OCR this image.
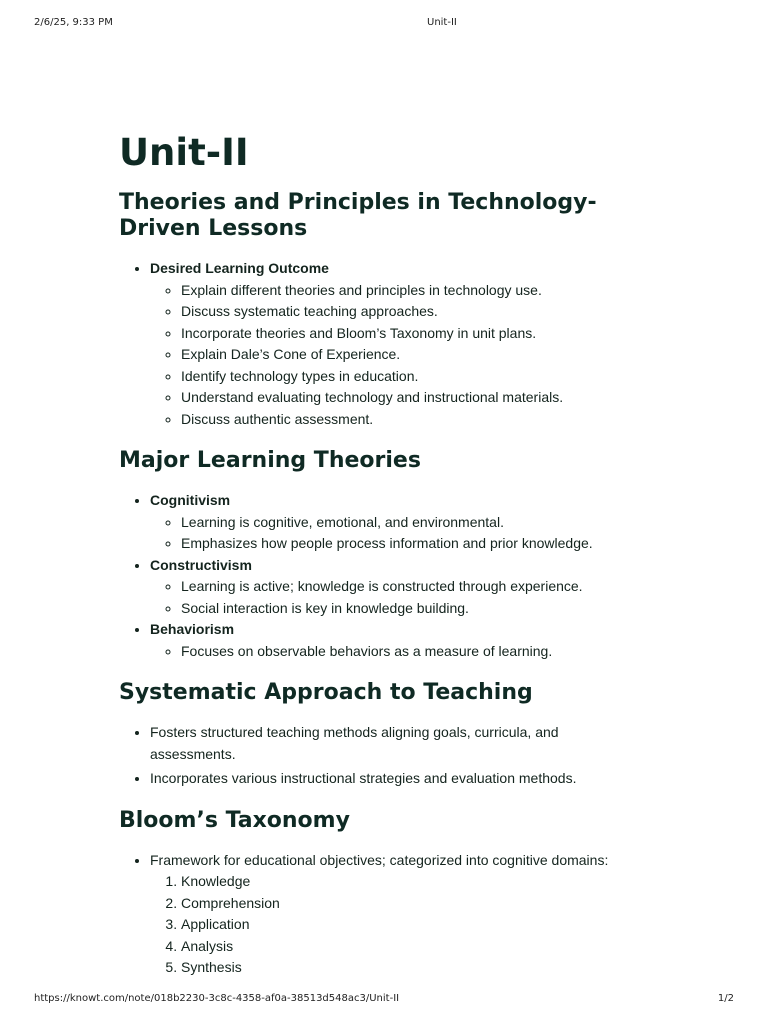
2/6/25, 9:33 PM	Unit-II
Unit-II
Theories and Principles in Technology-Driven Lessons
• Desired Learning Outcome
◦ Explain different theories and principles in technology use.
◦ Discuss systematic teaching approaches.
◦ Incorporate theories and Bloom’s Taxonomy in unit plans.
◦ Explain Dale’s Cone of Experience.
◦ Identify technology types in education.
◦ Understand evaluating technology and instructional materials.
◦ Discuss authentic assessment.
Major Learning Theories
• Cognitivism
◦ Learning is cognitive, emotional, and environmental.
◦ Emphasizes how people process information and prior knowledge.
• Constructivism
◦ Learning is active; knowledge is constructed through experience.
◦ Social interaction is key in knowledge building.
• Behaviorism
◦ Focuses on observable behaviors as a measure of learning.
Systematic Approach to Teaching
• Fosters structured teaching methods aligning goals, curricula, and assessments.
• Incorporates various instructional strategies and evaluation methods.
Bloom’s Taxonomy
• Framework for educational objectives; categorized into cognitive domains:
1. Knowledge
2. Comprehension
3. Application
4. Analysis
5. Synthesis
https://knowt.com/note/018b2230-3c8c-4358-af0a-38513d548ac3/Unit-II	1/2
